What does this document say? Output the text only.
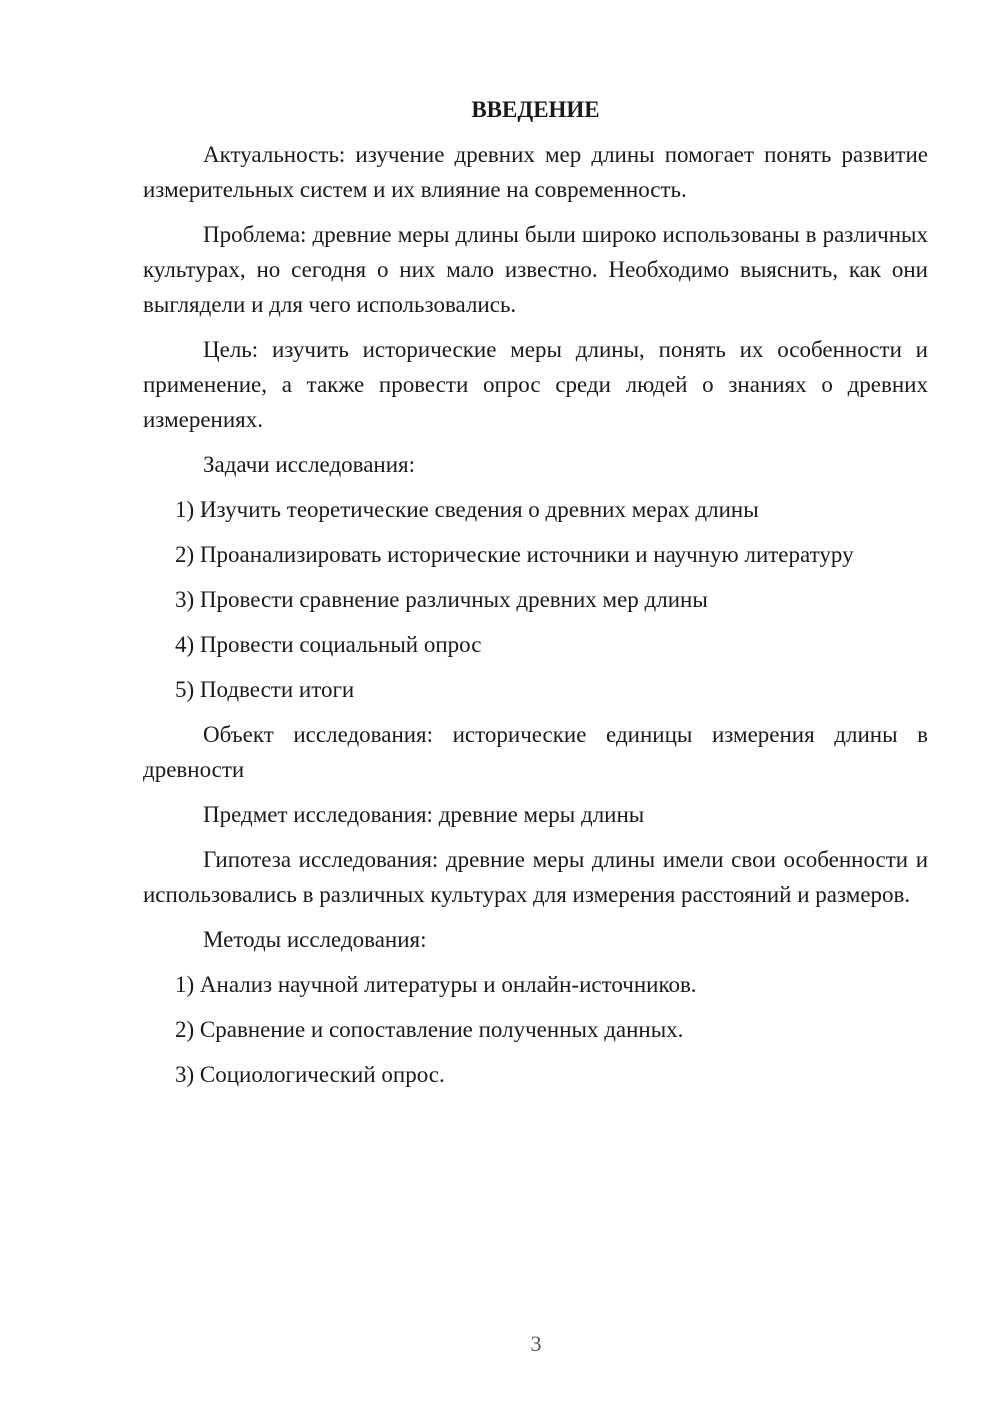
ВВЕДЕНИЕ

Актуальность: изучение древних мер длины помогает понять развитие измерительных систем и их влияние на современность.

Проблема: древние меры длины были широко использованы в различных культурах, но сегодня о них мало известно. Необходимо выяснить, как они выглядели и для чего использовались.

Цель: изучить исторические меры длины, понять их особенности и применение, а также провести опрос среди людей о знаниях о древних измерениях.

Задачи исследования:

1) Изучить теоретические сведения о древних мерах длины
2) Проанализировать исторические источники и научную литературу
3) Провести сравнение различных древних мер длины
4) Провести социальный опрос
5) Подвести итоги

Объект исследования: исторические единицы измерения длины в древности

Предмет исследования: древние меры длины

Гипотеза исследования: древние меры длины имели свои особенности и использовались в различных культурах для измерения расстояний и размеров.

Методы исследования:

1) Анализ научной литературы и онлайн-источников.
2) Сравнение и сопоставление полученных данных.
3) Социологический опрос.
3
